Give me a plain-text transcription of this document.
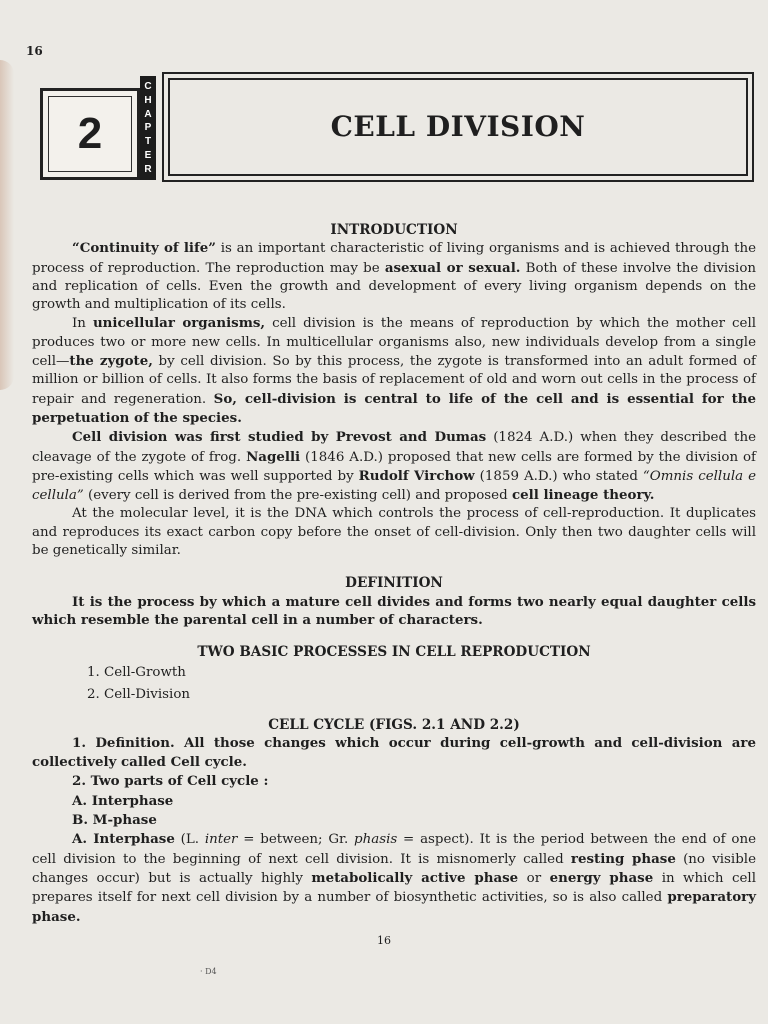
16
2
C
H
A
P
T
E
R
CELL DIVISION
INTRODUCTION

“Continuity of life” is an important characteristic of living organisms and is achieved through the process of reproduction. The reproduction may be asexual or sexual. Both of these involve the division and replication of cells. Even the growth and development of every living organism depends on the growth and multiplication of its cells.

In unicellular organisms, cell division is the means of reproduction by which the mother cell produces two or more new cells. In multicellular organisms also, new individuals develop from a single cell—the zygote, by cell division. So by this process, the zygote is transformed into an adult formed of million or billion of cells. It also forms the basis of replacement of old and worn out cells in the process of repair and regeneration. So, cell-division is central to life of the cell and is essential for the perpetuation of the species.

Cell division was first studied by Prevost and Dumas (1824 A.D.) when they described the cleavage of the zygote of frog. Nagelli (1846 A.D.) proposed that new cells are formed by the division of pre-existing cells which was well supported by Rudolf Virchow (1859 A.D.) who stated “Omnis cellula e cellula” (every cell is derived from the pre-existing cell) and proposed cell lineage theory.

At the molecular level, it is the DNA which controls the process of cell-reproduction. It duplicates and reproduces its exact carbon copy before the onset of cell-division. Only then two daughter cells will be genetically similar.

DEFINITION

It is the process by which a mature cell divides and forms two nearly equal daughter cells which resemble the parental cell in a number of characters.

TWO BASIC PROCESSES IN CELL REPRODUCTION
1. Cell-Growth
2. Cell-Division
CELL CYCLE (FIGS. 2.1 AND 2.2)

1. Definition. All those changes which occur during cell-growth and cell-division are collectively called Cell cycle.

2. Two parts of Cell cycle :

A. Interphase

B. M-phase

A. Interphase (L. inter = between; Gr. phasis = aspect). It is the period between the end of one cell division to the beginning of next cell division. It is misnomerly called resting phase (no visible changes occur) but is actually highly metabolically active phase or energy phase in which cell prepares itself for next cell division by a number of biosynthetic activities, so is also called preparatory phase.

16
· D4
